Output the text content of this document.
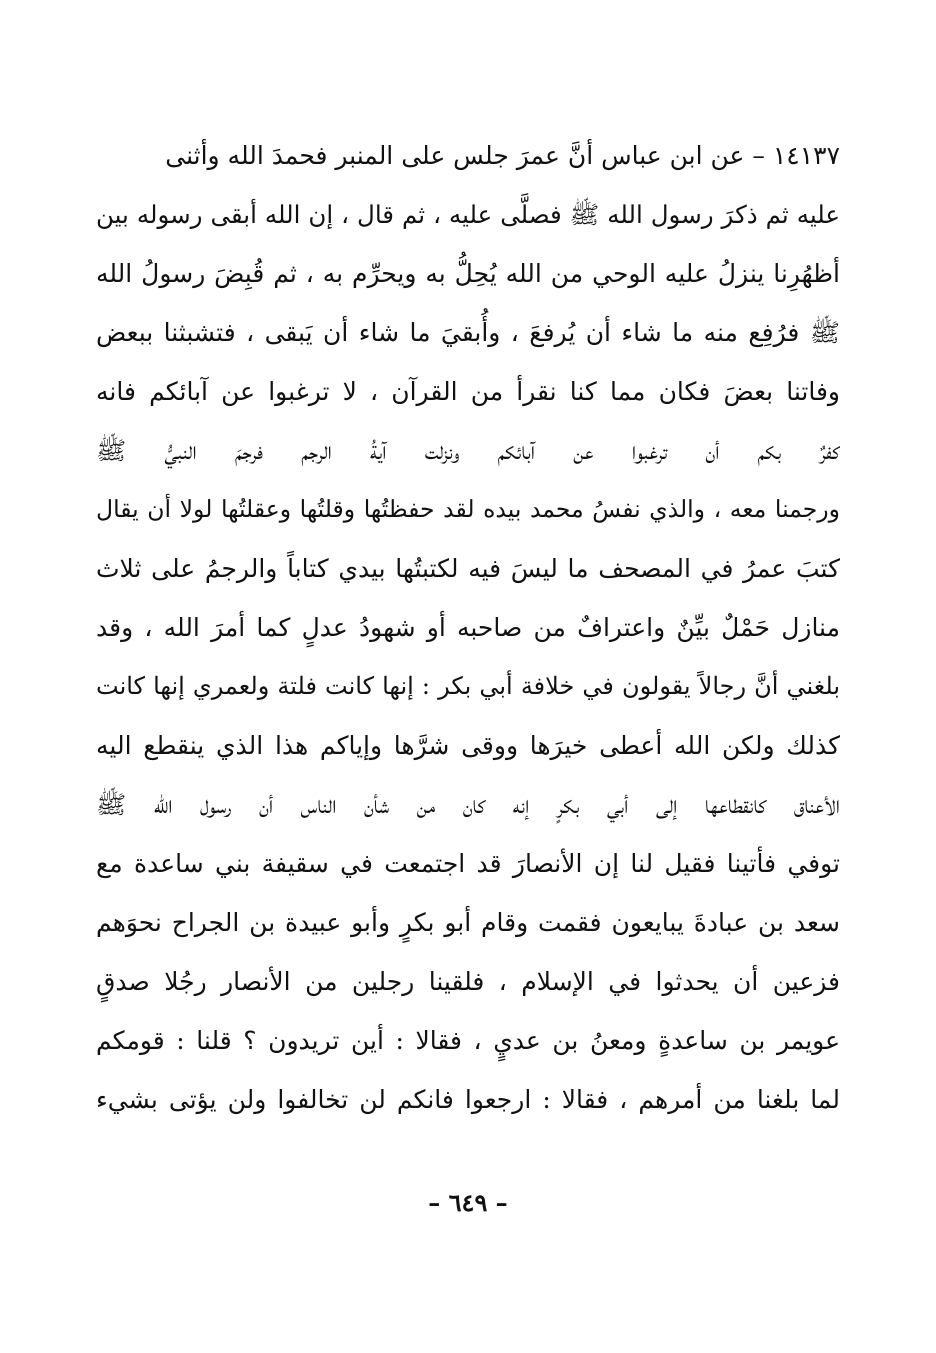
١٤١٣٧ – عن ابن عباس أنَّ عمرَ جلس على المنبر فحمدَ الله وأثنى
عليه ثم ذكرَ رسول الله ﷺ فصلَّى عليه ، ثم قال ، إن الله أبقى رسوله بين
أظهُرِنا ينزلُ عليه الوحي من الله يُحِلُّ به ويحرِّم به ، ثم قُبِضَ رسولُ الله
ﷺ فرُفِع منه ما شاء أن يُرفعَ ، وأُبقيَ ما شاء أن يَبقى ، فتشبثنا ببعض
وفاتنا بعضَ فكان مما كنا نقرأ من القرآن ، لا ترغبوا عن آبائكم فانه
كفرٌ بكم أن ترغبوا عن آبائكم ونزلت آيةُ الرجم فرجمَ النبيُّ ﷺ
ورجمنا معه ، والذي نفسُ محمد بيده لقد حفظتُها وقلتُها وعقلتُها لولا أن يقال
كتبَ عمرُ في المصحف ما ليسَ فيه لكتبتُها بيدي كتاباً والرجمُ على ثلاث
منازل حَمْلٌ بيِّنٌ واعترافٌ من صاحبه أو شهودُ عدلٍ كما أمرَ الله ، وقد
بلغني أنَّ رجالاً يقولون في خلافة أبي بكر : إنها كانت فلتة ولعمري إنها كانت
كذلك ولكن الله أعطى خيرَها ووقى شرَّها وإياكم هذا الذي ينقطع اليه
الأعناق كانقطاعها إلى أبي بكرٍ إنه كان من شأن الناس أن رسول الله ﷺ
توفي فأتينا فقيل لنا إن الأنصارَ قد اجتمعت في سقيفة بني ساعدة مع
سعد بن عبادةَ يبايعون فقمت وقام أبو بكرٍ وأبو عبيدة بن الجراح نحوَهم
فزعين أن يحدثوا في الإسلام ، فلقينا رجلين من الأنصار رجُلا صدقٍ
عويمر بن ساعدةٍ ومعنُ بن عديٍ ، فقالا : أين تريدون ؟ قلنا : قومكم
لما بلغنا من أمرهم ، فقالا : ارجعوا فانكم لن تخالفوا ولن يؤتى بشيء
– ٦٤٩ –
